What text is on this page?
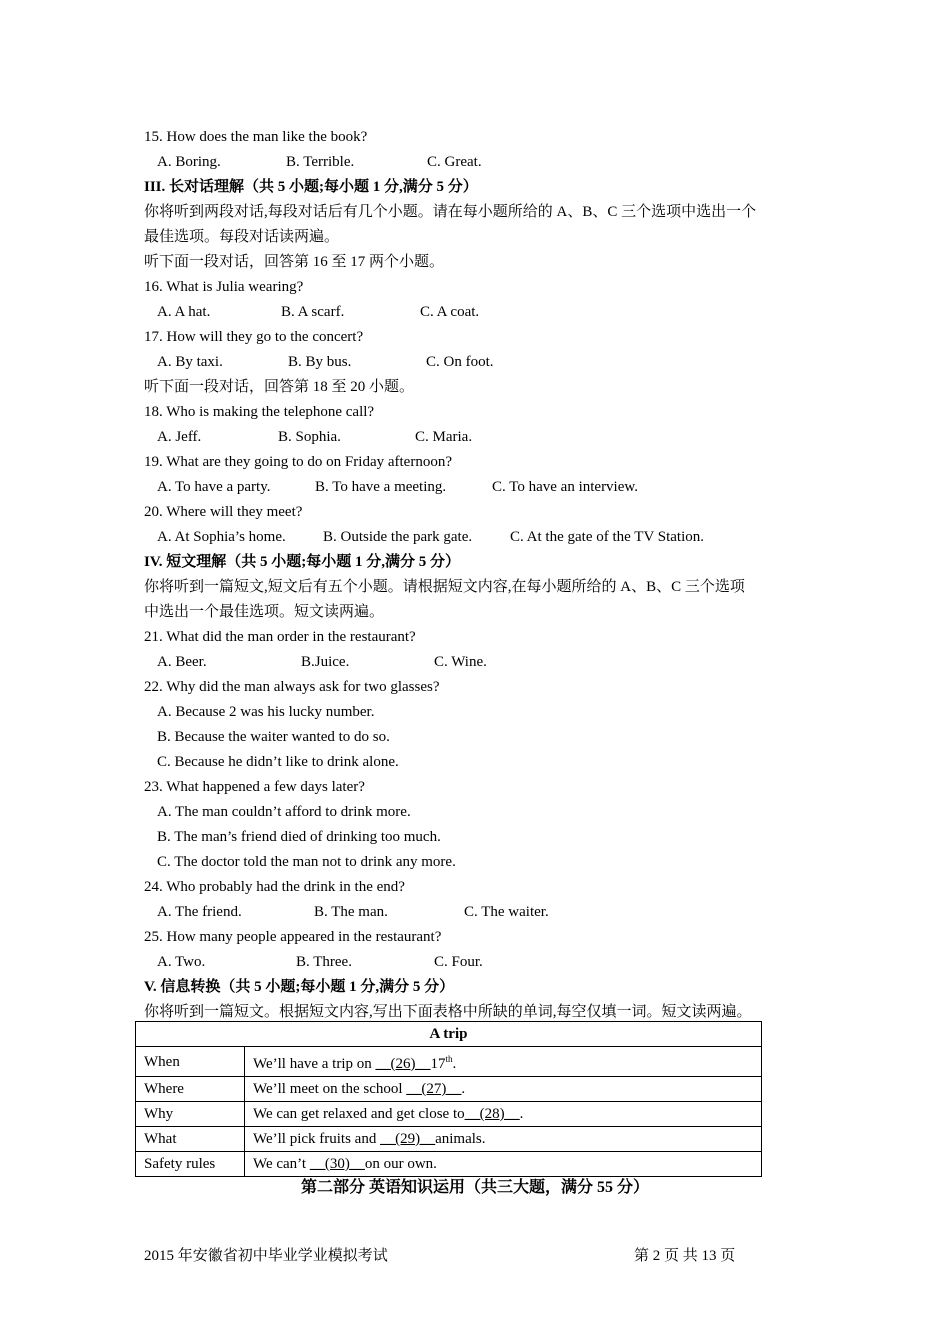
15. How does the man like the book?
A. Boring.	B. Terrible.	C. Great.
III. 长对话理解（共 5 小题;每小题 1 分,满分 5 分）
你将听到两段对话,每段对话后有几个小题。请在每小题所给的 A、B、C 三个选项中选出一个
最佳选项。每段对话读两遍。
听下面一段对话，回答第 16 至 17 两个小题。
16. What is Julia wearing?
A. A hat.	B. A scarf.	C. A coat.
17. How will they go to the concert?
A. By taxi.	B. By bus.	C. On foot.
听下面一段对话，回答第 18 至 20 小题。
18. Who is making the telephone call?
A. Jeff.	B. Sophia.	C. Maria.
19. What are they going to do on Friday afternoon?
A. To have a party.	B. To have a meeting.	C. To have an interview.
20. Where will they meet?
A. At Sophia’s home. B. Outside the park gate.	C. At the gate of the TV Station.
IV. 短文理解（共 5 小题;每小题 1 分,满分 5 分）
你将听到一篇短文,短文后有五个小题。请根据短文内容,在每小题所给的 A、B、C 三个选项
中选出一个最佳选项。短文读两遍。
21. What did the man order in the restaurant?
A. Beer.	B.Juice.	C. Wine.
22. Why did the man always ask for two glasses?
A. Because 2 was his lucky number.
B. Because the waiter wanted to do so.
C. Because he didn’t like to drink alone.
23. What happened a few days later?
A. The man couldn’t afford to drink more.
B. The man’s friend died of drinking too much.
C. The doctor told the man not to drink any more.
24. Who probably had the drink in the end?
A. The friend.	B. The man.	C. The waiter.
25. How many people appeared in the restaurant?
A. Two.	B. Three.	C. Four.
V. 信息转换（共 5 小题;每小题 1 分,满分 5 分）
你将听到一篇短文。根据短文内容,写出下面表格中所缺的单词,每空仅填一词。短文读两遍。
A trip	
When	We’ll have a trip on __(26)__17th.
Where	We’ll meet on the school __(27)__.
Why	We can get relaxed and get close to__(28)__.
What	We’ll pick fruits and __(29)__animals.
Safety rules	We can’t __(30)__on our own.
第二部分 英语知识运用（共三大题，满分 55 分）
2015 年安徽省初中毕业学业模拟考试	第 2 页 共 13 页
